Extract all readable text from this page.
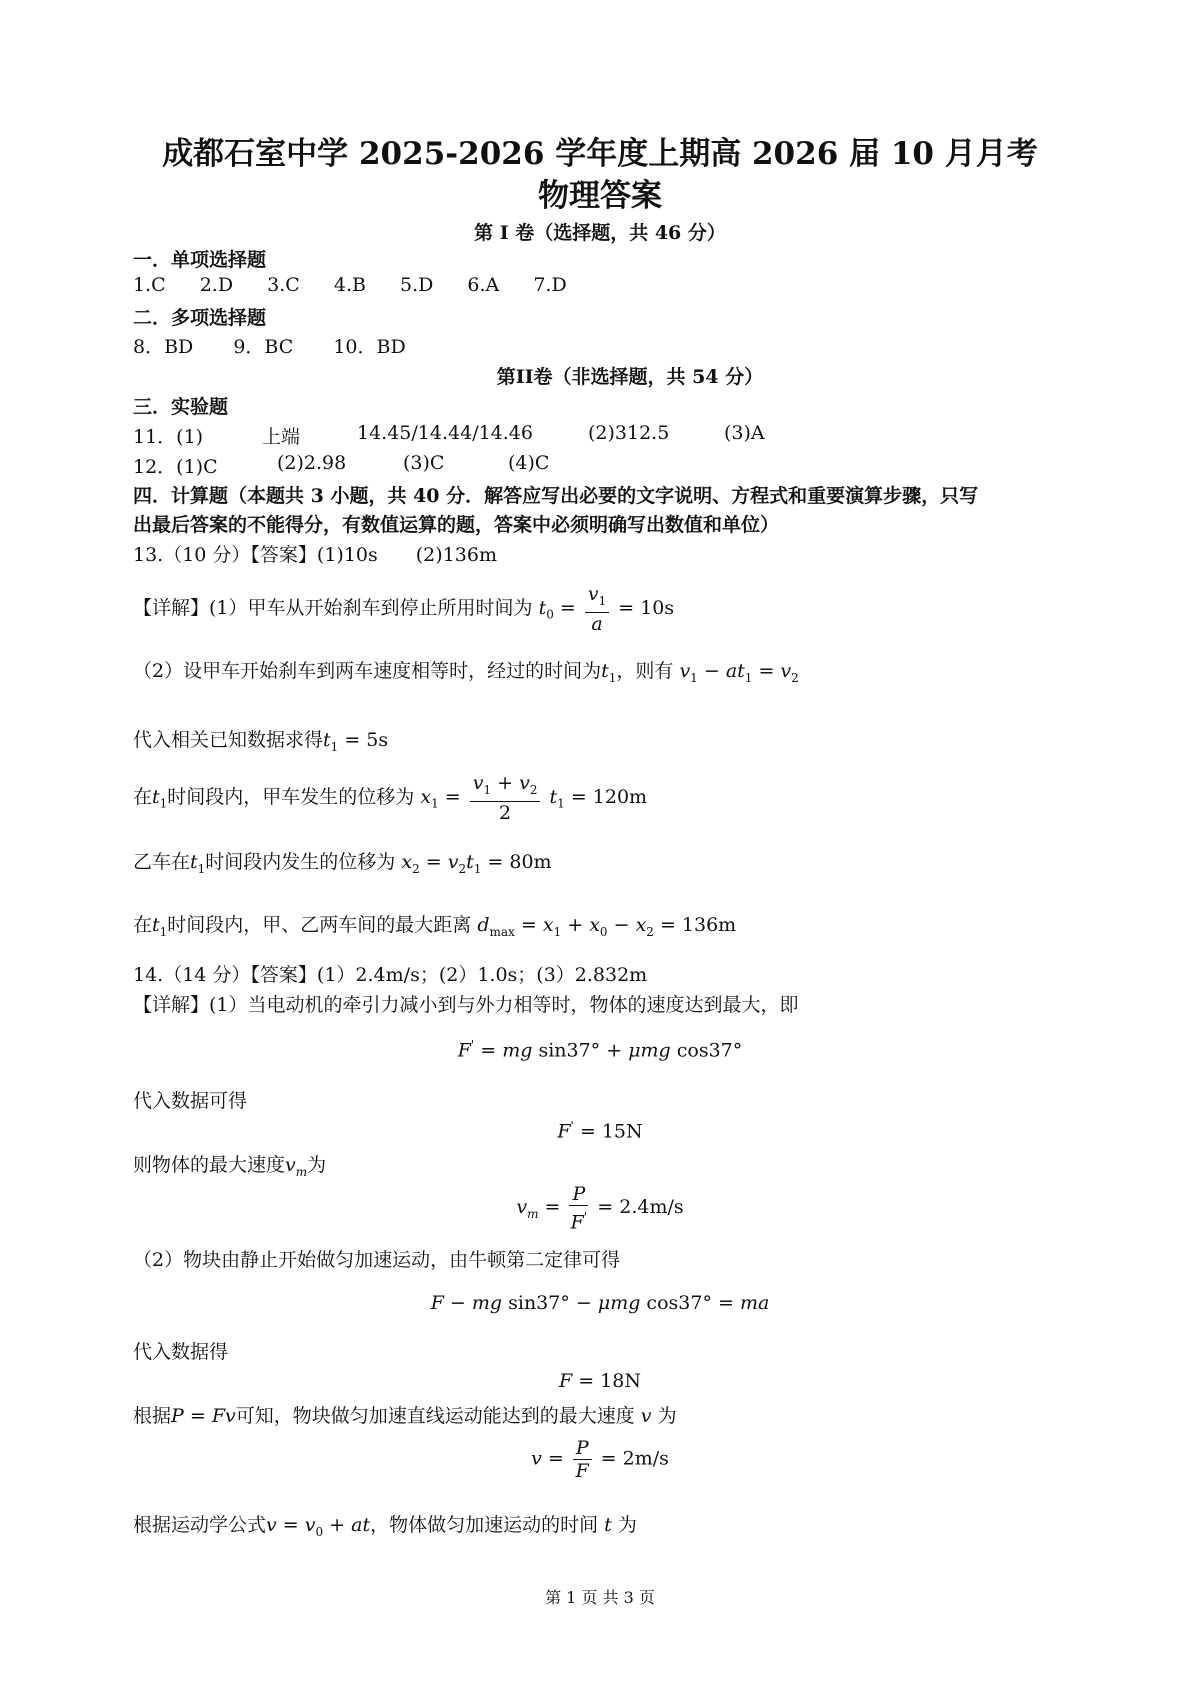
成都石室中学 2025-2026 学年度上期高 2026 届 10 月月考
物理答案
第 I 卷（选择题，共 46 分）
一．单项选择题
1.C 2.D 3.C 4.B 5.D 6.A 7.D
二．多项选择题
8．BD 9．BC 10．BD
第II卷（非选择题，共 54 分）
三．实验题
11．(1)	上端	14.45/14.44/14.46	(2)312.5	(3)A
12．(1)C	(2)2.98	(3)C	(4)C
四．计算题（本题共 3 小题，共 40 分．解答应写出必要的文字说明、方程式和重要演算步骤，只写
出最后答案的不能得分，有数值运算的题，答案中必须明确写出数值和单位）
13.（10 分）【答案】(1)10s　　(2)136m
【详解】(1）甲车从开始刹车到停止所用时间为 $t_0 = \frac{v_1}{a} = 10s$
（2）设甲车开始刹车到两车速度相等时，经过的时间为$t_1$，则有 $v_1 - at_1 = v_2$
代入相关已知数据求得$t_1 = 5s$
在$t_1$时间段内，甲车发生的位移为 $x_1 = \frac{v_1 + v_2}{2} t_1 = 120m$
乙车在$t_1$时间段内发生的位移为 $x_2 = v_2t_1 = 80m$
在$t_1$时间段内，甲、乙两车间的最大距离 $d_{max} = x_1 + x_0 - x_2 = 136m$
14.（14 分）【答案】(1）2.4m/s；(2）1.0s；(3）2.832m
【详解】(1）当电动机的牵引力减小到与外力相等时，物体的速度达到最大，即
F' = mg sin37° + μmg cos37°
代入数据可得
F' = 15N
则物体的最大速度$v_m$为
$v_m = \frac{P}{F'} = 2.4m/s$
（2）物块由静止开始做匀加速运动，由牛顿第二定律可得
F − mg sin37° − μmg cos37° = ma
代入数据得
F = 18N
根据P = Fv可知，物块做匀加速直线运动能达到的最大速度 v 为
$v = \frac{P}{F} = 2m/s$
根据运动学公式$v = v_0$ + at，物体做匀加速运动的时间 t 为
第 1 页 共 3 页
